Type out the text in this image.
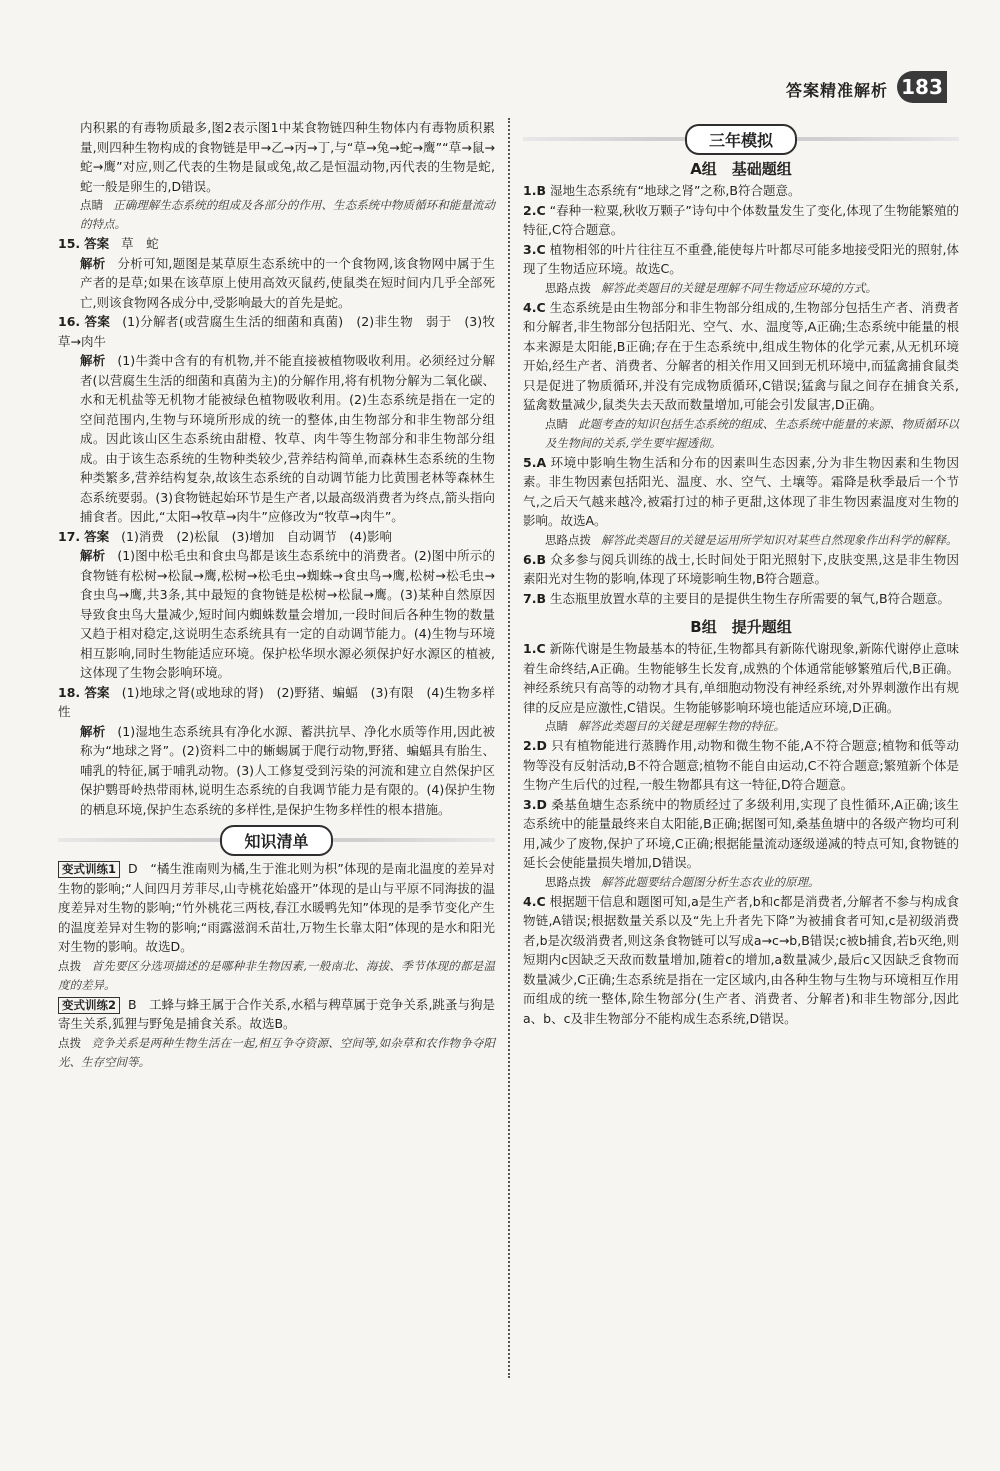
答案精准解析 183

内积累的有毒物质最多,图2表示图1中某食物链四种生物体内有毒物质积累量,则四种生物构成的食物链是甲→乙→丙→丁,与“草→兔→蛇→鹰”“草→鼠→蛇→鹰”对应,则乙代表的生物是鼠或兔,故乙是恒温动物,丙代表的生物是蛇,蛇一般是卵生的,D错误。

点睛 正确理解生态系统的组成及各部分的作用、生态系统中物质循环和能量流动的特点。

15. 答案 草　蛇

解析 分析可知,题图是某草原生态系统中的一个食物网,该食物网中属于生产者的是草;如果在该草原上使用高效灭鼠药,使鼠类在短时间内几乎全部死亡,则该食物网各成分中,受影响最大的首先是蛇。

16. 答案 (1)分解者(或营腐生生活的细菌和真菌)　(2)非生物　弱于　(3)牧草→肉牛

解析 (1)牛粪中含有的有机物,并不能直接被植物吸收利用。必须经过分解者(以营腐生生活的细菌和真菌为主)的分解作用,将有机物分解为二氧化碳、水和无机盐等无机物才能被绿色植物吸收利用。(2)生态系统是指在一定的空间范围内,生物与环境所形成的统一的整体,由生物部分和非生物部分组成。因此该山区生态系统由甜橙、牧草、肉牛等生物部分和非生物部分组成。由于该生态系统的生物种类较少,营养结构简单,而森林生态系统的生物种类繁多,营养结构复杂,故该生态系统的自动调节能力比黄围老林等森林生态系统要弱。(3)食物链起始环节是生产者,以最高级消费者为终点,箭头指向捕食者。因此,“太阳→牧草→肉牛”应修改为“牧草→肉牛”。

17. 答案 (1)消费　(2)松鼠　(3)增加　自动调节　(4)影响

解析 (1)图中松毛虫和食虫鸟都是该生态系统中的消费者。(2)图中所示的食物链有松树→松鼠→鹰,松树→松毛虫→蜘蛛→食虫鸟→鹰,松树→松毛虫→食虫鸟→鹰,共3条,其中最短的食物链是松树→松鼠→鹰。(3)某种自然原因导致食虫鸟大量减少,短时间内蜘蛛数量会增加,一段时间后各种生物的数量又趋于相对稳定,这说明生态系统具有一定的自动调节能力。(4)生物与环境相互影响,同时生物能适应环境。保护松华坝水源必须保护好水源区的植被,这体现了生物会影响环境。

18. 答案 (1)地球之肾(或地球的肾)　(2)野猪、蝙蝠　(3)有限　(4)生物多样性

解析 (1)湿地生态系统具有净化水源、蓄洪抗旱、净化水质等作用,因此被称为“地球之肾”。(2)资料二中的蜥蜴属于爬行动物,野猪、蝙蝠具有胎生、哺乳的特征,属于哺乳动物。(3)人工修复受到污染的河流和建立自然保护区保护鹦哥岭热带雨林,说明生态系统的自我调节能力是有限的。(4)保护生物的栖息环境,保护生态系统的多样性,是保护生物多样性的根本措施。

知识清单

变式训练1 D　“橘生淮南则为橘,生于淮北则为枳”体现的是南北温度的差异对生物的影响;“人间四月芳菲尽,山寺桃花始盛开”体现的是山与平原不同海拔的温度差异对生物的影响;“竹外桃花三两枝,春江水暖鸭先知”体现的是季节变化产生的温度差异对生物的影响;“雨露滋润禾苗壮,万物生长靠太阳”体现的是水和阳光对生物的影响。故选D。

点拨 首先要区分选项描述的是哪种非生物因素,一般南北、海拔、季节体现的都是温度的差异。

变式训练2 B　工蜂与蜂王属于合作关系,水稻与稗草属于竞争关系,跳蚤与狗是寄生关系,狐狸与野兔是捕食关系。故选B。

点拨 竞争关系是两种生物生活在一起,相互争夺资源、空间等,如杂草和农作物争夺阳光、生存空间等。

三年模拟
A组　基础题组

1.B 湿地生态系统有“地球之肾”之称,B符合题意。

2.C “春种一粒粟,秋收万颗子”诗句中个体数量发生了变化,体现了生物能繁殖的特征,C符合题意。

3.C 植物相邻的叶片往往互不重叠,能使每片叶都尽可能多地接受阳光的照射,体现了生物适应环境。故选C。

思路点拨 解答此类题目的关键是理解不同生物适应环境的方式。

4.C 生态系统是由生物部分和非生物部分组成的,生物部分包括生产者、消费者和分解者,非生物部分包括阳光、空气、水、温度等,A正确;生态系统中能量的根本来源是太阳能,B正确;存在于生态系统中,组成生物体的化学元素,从无机环境开始,经生产者、消费者、分解者的相关作用又回到无机环境中,而猛禽捕食鼠类只是促进了物质循环,并没有完成物质循环,C错误;猛禽与鼠之间存在捕食关系,猛禽数量减少,鼠类失去天敌而数量增加,可能会引发鼠害,D正确。

点睛 此题考查的知识包括生态系统的组成、生态系统中能量的来源、物质循环以及生物间的关系,学生要牢握透彻。

5.A 环境中影响生物生活和分布的因素叫生态因素,分为非生物因素和生物因素。非生物因素包括阳光、温度、水、空气、土壤等。霜降是秋季最后一个节气,之后天气越来越冷,被霜打过的柿子更甜,这体现了非生物因素温度对生物的影响。故选A。

思路点拨 解答此类题目的关键是运用所学知识对某些自然现象作出科学的解释。

6.B 众多参与阅兵训练的战士,长时间处于阳光照射下,皮肤变黑,这是非生物因素阳光对生物的影响,体现了环境影响生物,B符合题意。

7.B 生态瓶里放置水草的主要目的是提供生物生存所需要的氧气,B符合题意。

B组　提升题组

1.C 新陈代谢是生物最基本的特征,生物都具有新陈代谢现象,新陈代谢停止意味着生命终结,A正确。生物能够生长发育,成熟的个体通常能够繁殖后代,B正确。神经系统只有高等的动物才具有,单细胞动物没有神经系统,对外界刺激作出有规律的反应是应激性,C错误。生物能够影响环境也能适应环境,D正确。

点睛 解答此类题目的关键是理解生物的特征。

2.D 只有植物能进行蒸腾作用,动物和微生物不能,A不符合题意;植物和低等动物等没有反射活动,B不符合题意;植物不能自由运动,C不符合题意;繁殖新个体是生物产生后代的过程,一般生物都具有这一特征,D符合题意。

3.D 桑基鱼塘生态系统中的物质经过了多级利用,实现了良性循环,A正确;该生态系统中的能量最终来自太阳能,B正确;据图可知,桑基鱼塘中的各级产物均可利用,减少了废物,保护了环境,C正确;根据能量流动逐级递减的特点可知,食物链的延长会使能量损失增加,D错误。

思路点拨 解答此题要结合题图分析生态农业的原理。

4.C 根据题干信息和题图可知,a是生产者,b和c都是消费者,分解者不参与构成食物链,A错误;根据数量关系以及“先上升者先下降”为被捕食者可知,c是初级消费者,b是次级消费者,则这条食物链可以写成a→c→b,B错误;c被b捕食,若b灭绝,则短期内c因缺乏天敌而数量增加,随着c的增加,a数量减少,最后c又因缺乏食物而数量减少,C正确;生态系统是指在一定区域内,由各种生物与生物与环境相互作用而组成的统一整体,除生物部分(生产者、消费者、分解者)和非生物部分,因此a、b、c及非生物部分不能构成生态系统,D错误。
